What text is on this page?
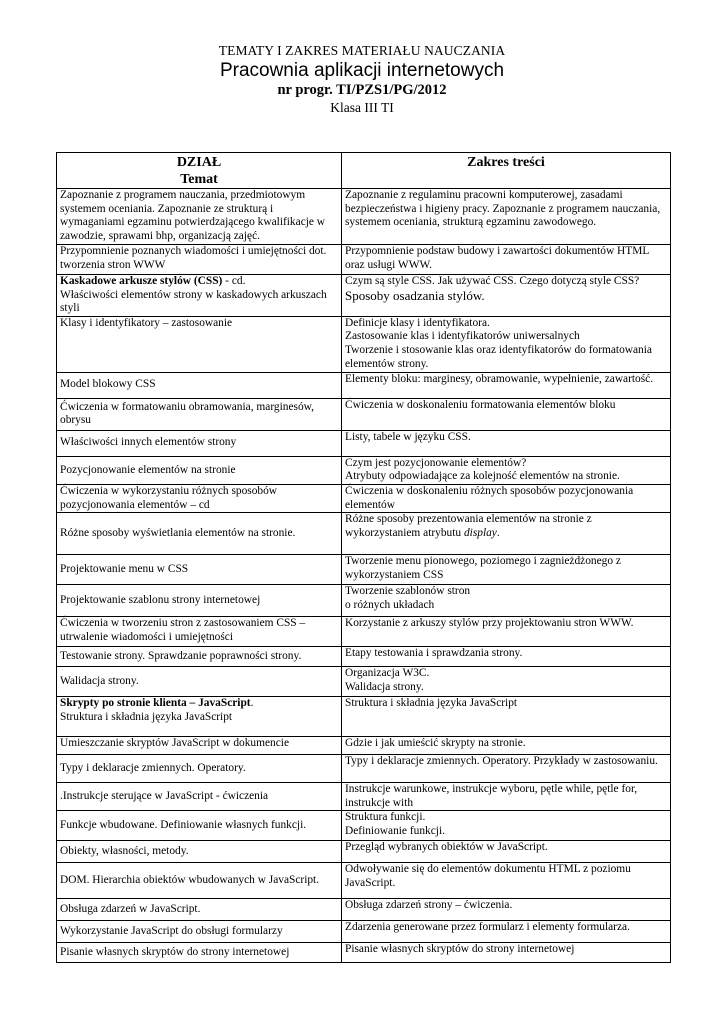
TEMATY I ZAKRES MATERIAŁU NAUCZANIA
Pracownia aplikacji internetowych
nr progr. TI/PZS1/PG/2012
Klasa III TI
DZIAŁ
Temat	Zakres treści

Zapoznanie z programem nauczania, przedmiotowym systemem oceniania. Zapoznanie ze strukturą i wymaganiami egzaminu potwierdzającego kwalifikacje w zawodzie, sprawami bhp, organizacją zajęć.	Zapoznanie z regulaminu pracowni komputerowej, zasadami bezpieczeństwa i higieny pracy. Zapoznanie z programem nauczania, systemem oceniania, strukturą egzaminu zawodowego.

Przypomnienie poznanych wiadomości i umiejętności dot. tworzenia stron WWW	Przypomnienie podstaw budowy i zawartości dokumentów HTML oraz usługi WWW.

Kaskadowe arkusze stylów (CSS) - cd.
Właściwości elementów strony w kaskadowych arkuszach styli	Czym są style CSS. Jak używać CSS. Czego dotyczą style CSS?
Sposoby osadzania stylów.

Klasy i identyfikatory – zastosowanie	Definicje klasy i identyfikatora.
Zastosowanie klas i identyfikatorów uniwersalnych
Tworzenie i stosowanie klas oraz identyfikatorów do formatowania elementów strony.

Model blokowy CSS	Elementy bloku: marginesy, obramowanie, wypełnienie, zawartość.

Ćwiczenia w formatowaniu obramowania, marginesów, obrysu	Ćwiczenia w doskonaleniu formatowania elementów bloku

Właściwości innych elementów strony	Listy, tabele w języku CSS.

Pozycjonowanie elementów na stronie	Czym jest pozycjonowanie elementów?
Atrybuty odpowiadające za kolejność elementów na stronie.

Ćwiczenia w wykorzystaniu różnych sposobów pozycjonowania elementów – cd	Ćwiczenia w doskonaleniu różnych sposobów pozycjonowania elementów

Różne sposoby wyświetlania elementów na stronie.	Różne sposoby prezentowania elementów na stronie z wykorzystaniem atrybutu display.

Projektowanie menu w CSS	Tworzenie menu pionowego, poziomego i zagnieżdżonego z wykorzystaniem CSS

Projektowanie szablonu strony internetowej	Tworzenie szablonów stron
o różnych układach

Ćwiczenia w tworzeniu stron z zastosowaniem CSS – utrwalenie wiadomości i umiejętności	Korzystanie z arkuszy stylów przy projektowaniu stron WWW.

Testowanie strony. Sprawdzanie poprawności strony.	Etapy testowania i sprawdzania strony.

Walidacja strony.	Organizacja W3C.
Walidacja strony.

Skrypty po stronie klienta – JavaScript.
Struktura i składnia języka JavaScript	Struktura i składnia języka JavaScript

Umieszczanie skryptów JavaScript w dokumencie	Gdzie i jak umieścić skrypty na stronie.

Typy i deklaracje zmiennych. Operatory.	Typy i deklaracje zmiennych. Operatory. Przykłady w zastosowaniu.

.Instrukcje sterujące w JavaScript - ćwiczenia	Instrukcje warunkowe, instrukcje wyboru, pętle while, pętle for, instrukcje with

Funkcje wbudowane. Definiowanie własnych funkcji.	Struktura funkcji.
Definiowanie funkcji.

Obiekty, własności, metody.	Przegląd wybranych obiektów w JavaScript.

DOM. Hierarchia obiektów wbudowanych w JavaScript.	Odwoływanie się do elementów dokumentu HTML z poziomu JavaScript.

Obsługa zdarzeń w JavaScript.	Obsługa zdarzeń strony – ćwiczenia.

Wykorzystanie JavaScript do obsługi formularzy	Zdarzenia generowane przez formularz i elementy formularza.

Pisanie własnych skryptów do strony internetowej	Pisanie własnych skryptów do strony internetowej
